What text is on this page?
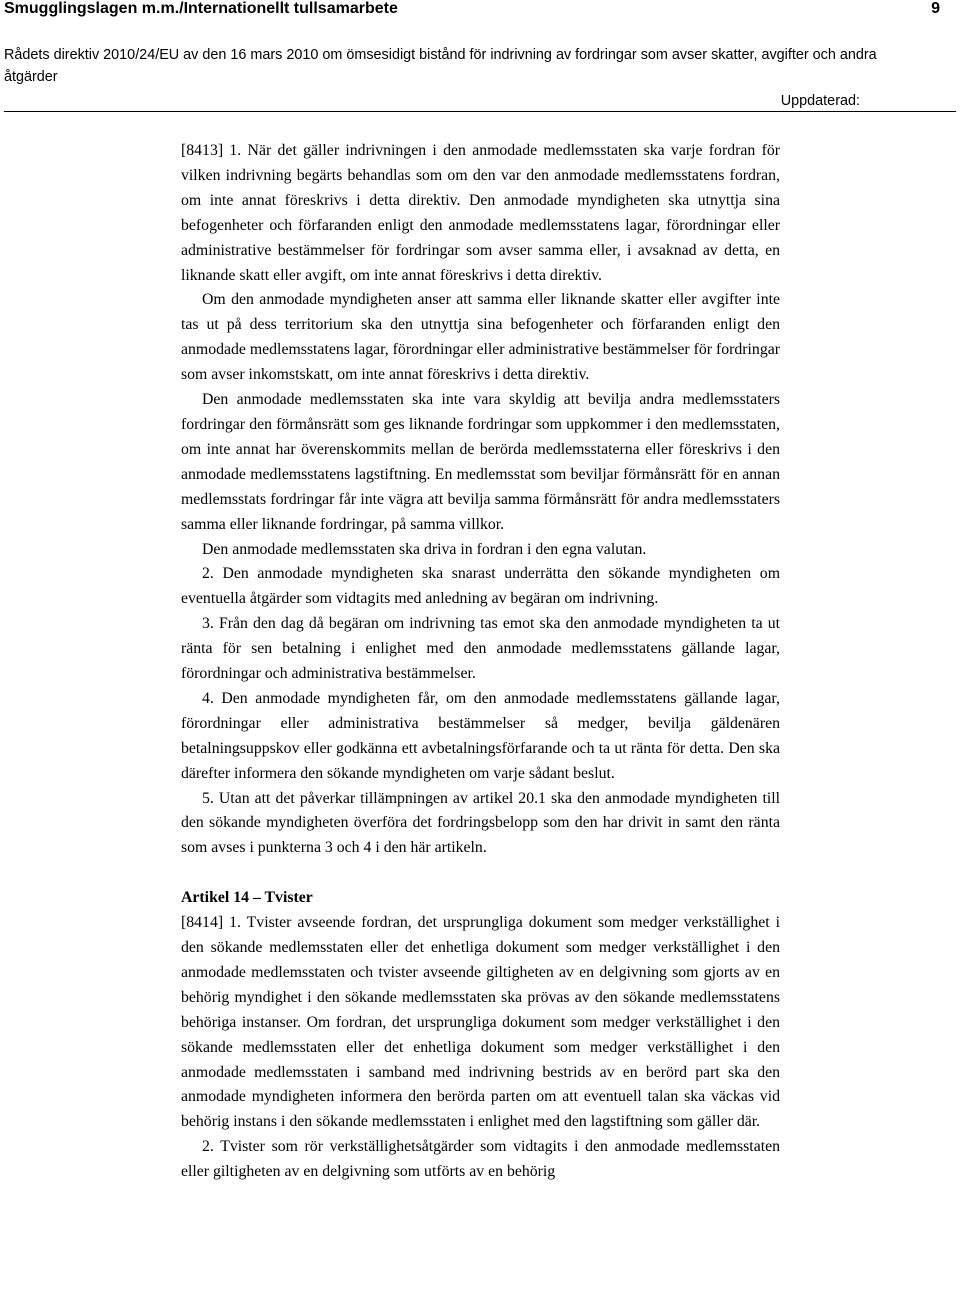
Smugglingslagen m.m./Internationellt tullsamarbete	9
Rådets direktiv 2010/24/EU av den 16 mars 2010 om ömsesidigt bistånd för indrivning av fordringar som avser skatter, avgifter och andra åtgärder
Uppdaterad:

[8413] 1. När det gäller indrivningen i den anmodade medlemsstaten ska varje fordran för vilken indrivning begärts behandlas som om den var den anmodade medlemsstatens fordran, om inte annat föreskrivs i detta direktiv. Den anmodade myndigheten ska utnyttja sina befogenheter och förfaranden enligt den anmodade medlemsstatens lagar, förordningar eller administrative bestämmelser för fordringar som avser samma eller, i avsaknad av detta, en liknande skatt eller avgift, om inte annat föreskrivs i detta direktiv.

Om den anmodade myndigheten anser att samma eller liknande skatter eller avgifter inte tas ut på dess territorium ska den utnyttja sina befogenheter och förfaranden enligt den anmodade medlemsstatens lagar, förordningar eller administrative bestämmelser för fordringar som avser inkomstskatt, om inte annat föreskrivs i detta direktiv.

Den anmodade medlemsstaten ska inte vara skyldig att bevilja andra medlemsstaters fordringar den förmånsrätt som ges liknande fordringar som uppkommer i den medlemsstaten, om inte annat har överenskommits mellan de berörda medlemsstaterna eller föreskrivs i den anmodade medlemsstatens lagstiftning. En medlemsstat som beviljar förmånsrätt för en annan medlemsstats fordringar får inte vägra att bevilja samma förmånsrätt för andra medlemsstaters samma eller liknande fordringar, på samma villkor.

Den anmodade medlemsstaten ska driva in fordran i den egna valutan.

2. Den anmodade myndigheten ska snarast underrätta den sökande myndigheten om eventuella åtgärder som vidtagits med anledning av begäran om indrivning.

3. Från den dag då begäran om indrivning tas emot ska den anmodade myndigheten ta ut ränta för sen betalning i enlighet med den anmodade medlemsstatens gällande lagar, förordningar och administrativa bestämmelser.

4. Den anmodade myndigheten får, om den anmodade medlemsstatens gällande lagar, förordningar eller administrativa bestämmelser så medger, bevilja gäldenären betalningsuppskov eller godkänna ett avbetalningsförfarande och ta ut ränta för detta. Den ska därefter informera den sökande myndigheten om varje sådant beslut.

5. Utan att det påverkar tillämpningen av artikel 20.1 ska den anmodade myndigheten till den sökande myndigheten överföra det fordringsbelopp som den har drivit in samt den ränta som avses i punkterna 3 och 4 i den här artikeln.

Artikel 14 – Tvister

[8414] 1. Tvister avseende fordran, det ursprungliga dokument som medger verkställighet i den sökande medlemsstaten eller det enhetliga dokument som medger verkställighet i den anmodade medlemsstaten och tvister avseende giltigheten av en delgivning som gjorts av en behörig myndighet i den sökande medlemsstaten ska prövas av den sökande medlemsstatens behöriga instanser. Om fordran, det ursprungliga dokument som medger verkställighet i den sökande medlemsstaten eller det enhetliga dokument som medger verkställighet i den anmodade medlemsstaten i samband med indrivning bestrids av en berörd part ska den anmodade myndigheten informera den berörda parten om att eventuell talan ska väckas vid behörig instans i den sökande medlemsstaten i enlighet med den lagstiftning som gäller där.

2. Tvister som rör verkställighetsåtgärder som vidtagits i den anmodade medlemsstaten eller giltigheten av en delgivning som utförts av en behörig
